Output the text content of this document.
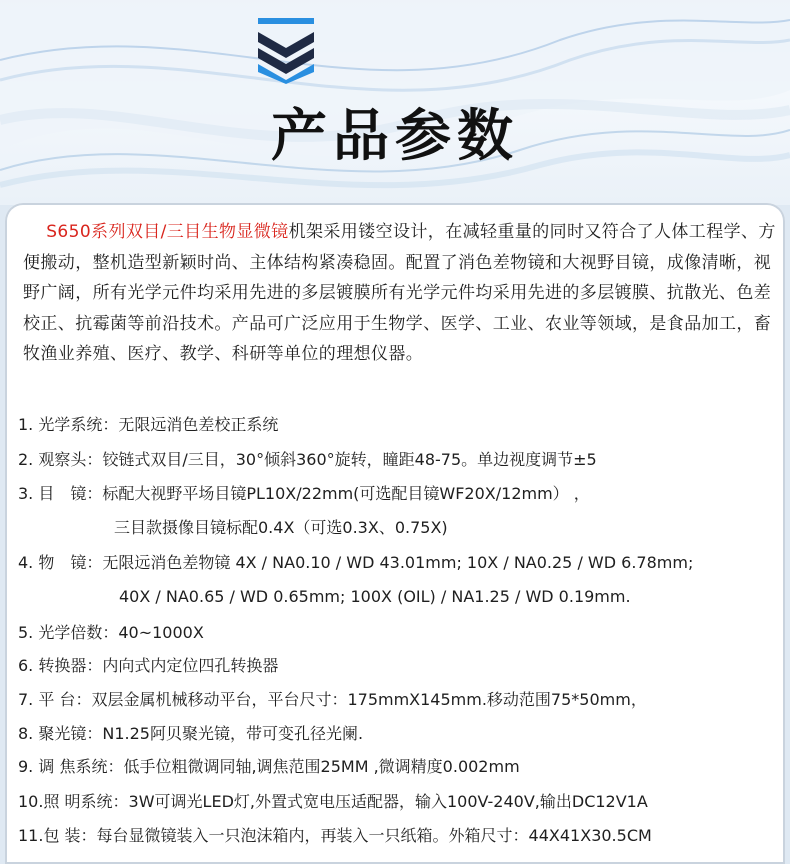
产品参数

  S650系列双目/三目生物显微镜机架采用镂空设计，在减轻重量的同时又符合了人体工程学、方便搬动，整机造型新颖时尚、主体结构紧凑稳固。配置了消色差物镜和大视野目镜，成像清晰，视野广阔，所有光学元件均采用先进的多层镀膜所有光学元件均采用先进的多层镀膜、抗散光、色差校正、抗霉菌等前沿技术。产品可广泛应用于生物学、医学、工业、农业等领域，是食品加工，畜牧渔业养殖、医疗、教学、科研等单位的理想仪器。

1. 光学系统：无限远消色差校正系统
2. 观察头：铰链式双目/三目，30°倾斜360°旋转，瞳距48-75。单边视度调节±5
3. 目　镜：标配大视野平场目镜PL10X/22mm(可选配目镜WF20X/12mm） ，
三目款摄像目镜标配0.4X（可选0.3X、0.75X)
4. 物　镜：无限远消色差物镜 4X / NA0.10 / WD 43.01mm; 10X / NA0.25 / WD 6.78mm;
40X / NA0.65 / WD 0.65mm; 100X (OIL) / NA1.25 / WD 0.19mm.
5. 光学倍数：40~1000X
6. 转换器：内向式内定位四孔转换器
7. 平 台：双层金属机械移动平台，平台尺寸：175mmX145mm.移动范围75*50mm，
8. 聚光镜：N1.25阿贝聚光镜，带可变孔径光阑.
9. 调 焦系统：低手位粗微调同轴,调焦范围25MM ,微调精度0.002mm
10.照 明系统：3W可调光LED灯,外置式宽电压适配器，输入100V-240V,输出DC12V1A
11.包 装：每台显微镜装入一只泡沫箱内，再装入一只纸箱。外箱尺寸：44X41X30.5CM
